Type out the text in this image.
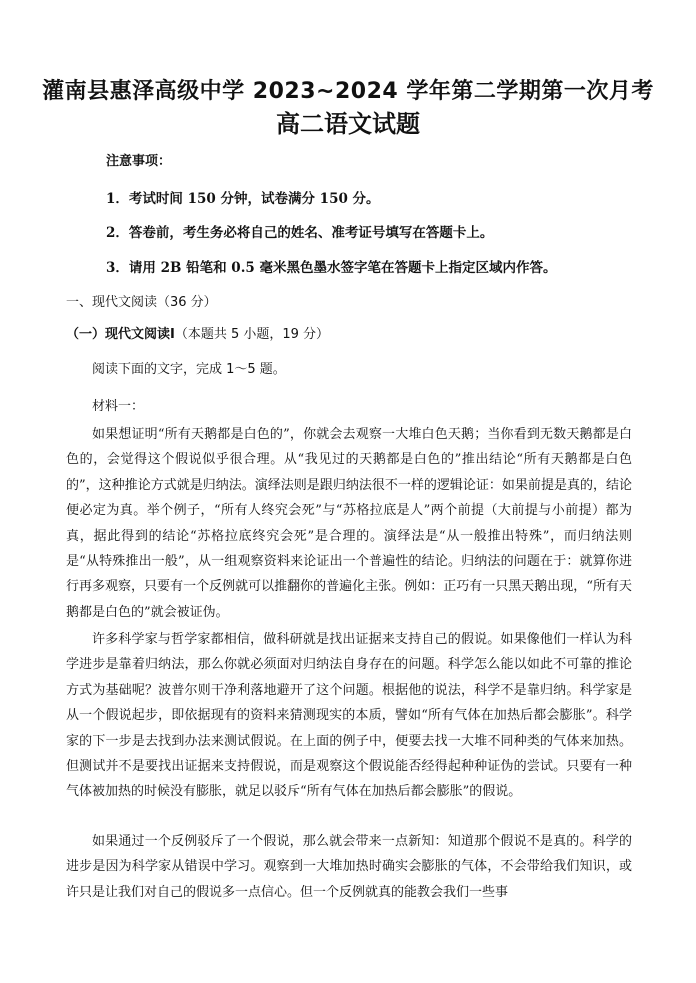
灌南县惠泽高级中学 2023~2024 学年第二学期第一次月考
高二语文试题
注意事项：
1．考试时间 150 分钟，试卷满分 150 分。
2．答卷前，考生务必将自己的姓名、准考证号填写在答题卡上。
3．请用 2B 铅笔和 0.5 毫米黑色墨水签字笔在答题卡上指定区域内作答。
一、现代文阅读（36 分）
（一）现代文阅读Ⅰ（本题共 5 小题，19 分）
阅读下面的文字，完成 1～5 题。
材料一：

如果想证明“所有天鹅都是白色的”，你就会去观察一大堆白色天鹅；当你看到无数天鹅都是白色的，会觉得这个假说似乎很合理。从“我见过的天鹅都是白色的”推出结论“所有天鹅都是白色的”，这种推论方式就是归纳法。演绎法则是跟归纳法很不一样的逻辑论证：如果前提是真的，结论便必定为真。举个例子，“所有人终究会死”与“苏格拉底是人”两个前提（大前提与小前提）都为真，据此得到的结论“苏格拉底终究会死”是合理的。演绎法是“从一般推出特殊”，而归纳法则是“从特殊推出一般”，从一组观察资料来论证出一个普遍性的结论。归纳法的问题在于：就算你进行再多观察，只要有一个反例就可以推翻你的普遍化主张。例如：正巧有一只黑天鹅出现，“所有天鹅都是白色的”就会被证伪。

许多科学家与哲学家都相信，做科研就是找出证据来支持自己的假说。如果像他们一样认为科学进步是靠着归纳法，那么你就必须面对归纳法自身存在的问题。科学怎么能以如此不可靠的推论方式为基础呢？波普尔则干净利落地避开了这个问题。根据他的说法，科学不是靠归纳。科学家是从一个假说起步，即依据现有的资料来猜测现实的本质，譬如“所有气体在加热后都会膨胀”。科学家的下一步是去找到办法来测试假说。在上面的例子中，便要去找一大堆不同种类的气体来加热。但测试并不是要找出证据来支持假说，而是观察这个假说能否经得起种种证伪的尝试。只要有一种气体被加热的时候没有膨胀，就足以驳斥“所有气体在加热后都会膨胀”的假说。

如果通过一个反例驳斥了一个假说，那么就会带来一点新知：知道那个假说不是真的。科学的进步是因为科学家从错误中学习。观察到一大堆加热时确实会膨胀的气体，不会带给我们知识，或许只是让我们对自己的假说多一点信心。但一个反例就真的能教会我们一些事
